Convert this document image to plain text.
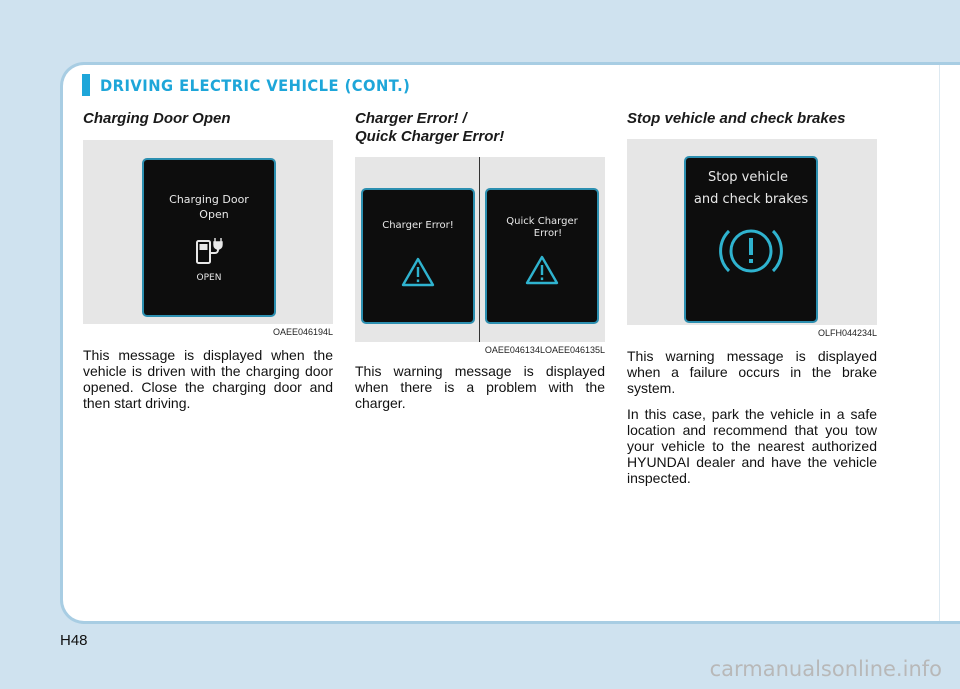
DRIVING ELECTRIC VEHICLE (CONT.)
Charging Door Open
Charging Door
Open
OPEN
OAEE046194L

This message is displayed when the vehicle is driven with the charging door opened. Close the charging door and then start driving.

Charger Error! /
Quick Charger Error!
Charger Error!	Quick Charger
Error!
OAEE046134LOAEE046135L

This warning message is displayed when there is a problem with the charger.

Stop vehicle and check brakes
Stop vehicle
and check brakes
OLFH044234L

This warning message is displayed when a failure occurs in the brake system.

In this case, park the vehicle in a safe location and recommend that you tow your vehicle to the nearest authorized HYUNDAI dealer and have the vehicle inspected.

H48
carmanualsonline.info
